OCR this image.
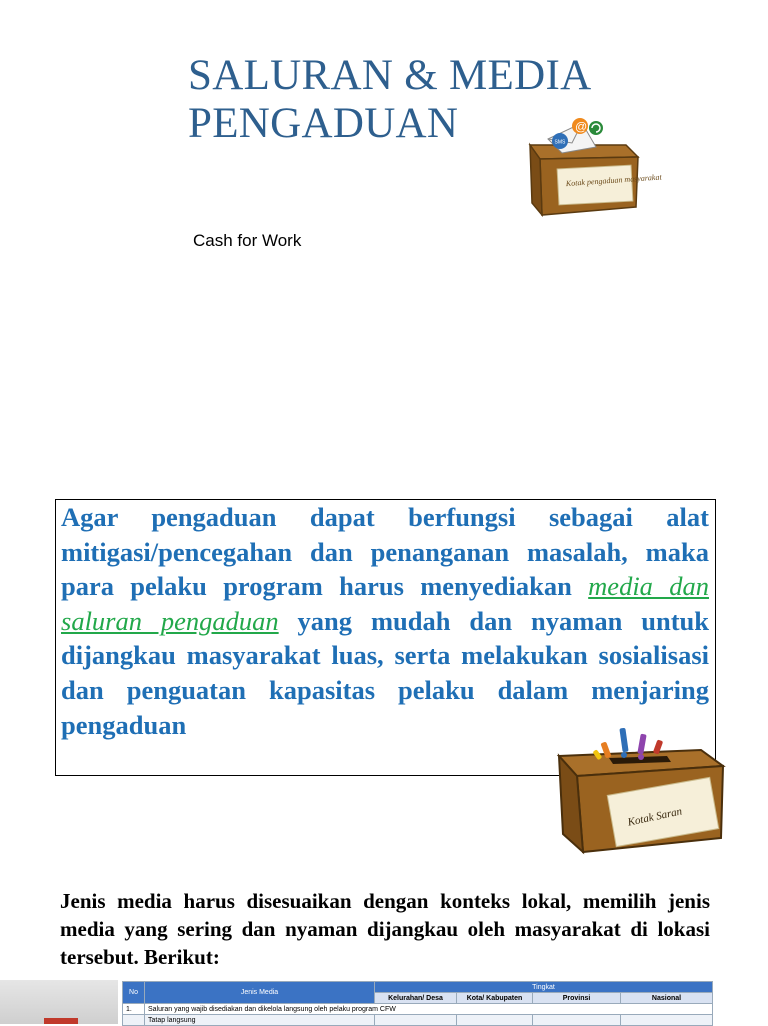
SALURAN & MEDIA
PENGADUAN	SMS
@
Kotak pengaduan masyarakat
Cash for Work

Agar pengaduan dapat berfungsi sebagai alat mitigasi/pencegahan dan penanganan masalah, maka para pelaku program harus menyediakan media dan saluran pengaduan yang mudah dan nyaman untuk dijangkau masyarakat luas, serta melakukan sosialisasi dan penguatan kapasitas pelaku dalam menjaring pengaduan

Kotak Saran

Jenis media harus disesuaikan dengan konteks lokal, memilih jenis media yang sering dan nyaman dijangkau oleh masyarakat di lokasi tersebut. Berikut:

No	Jenis Media	Tingkat			
		Kelurahan/ Desa	Kota/ Kabupaten	Provinsi	Nasional
1.	Saluran yang wajib disediakan dan dikelola langsung oleh pelaku program CFW				
	Tatap langsung				
